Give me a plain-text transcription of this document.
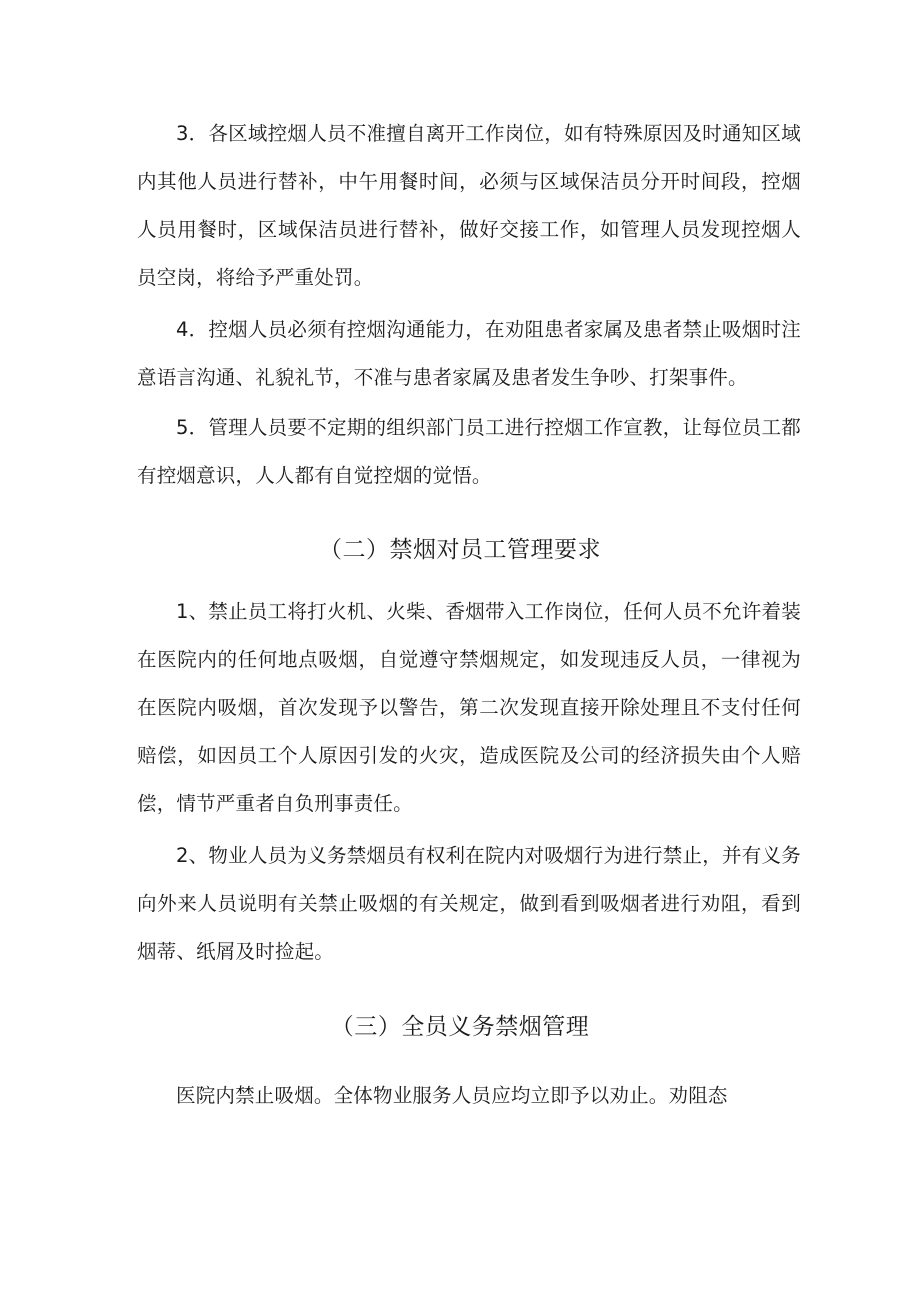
3．各区域控烟人员不准擅自离开工作岗位，如有特殊原因及时通知区域内其他人员进行替补，中午用餐时间，必须与区域保洁员分开时间段，控烟人员用餐时，区域保洁员进行替补，做好交接工作，如管理人员发现控烟人员空岗，将给予严重处罚。

4．控烟人员必须有控烟沟通能力，在劝阻患者家属及患者禁止吸烟时注意语言沟通、礼貌礼节，不准与患者家属及患者发生争吵、打架事件。

5．管理人员要不定期的组织部门员工进行控烟工作宣教，让每位员工都有控烟意识，人人都有自觉控烟的觉悟。

（二）禁烟对员工管理要求

1、禁止员工将打火机、火柴、香烟带入工作岗位，任何人员不允许着装在医院内的任何地点吸烟，自觉遵守禁烟规定，如发现违反人员，一律视为在医院内吸烟，首次发现予以警告，第二次发现直接开除处理且不支付任何赔偿，如因员工个人原因引发的火灾，造成医院及公司的经济损失由个人赔偿，情节严重者自负刑事责任。

2、物业人员为义务禁烟员有权利在院内对吸烟行为进行禁止，并有义务向外来人员说明有关禁止吸烟的有关规定，做到看到吸烟者进行劝阻，看到烟蒂、纸屑及时捡起。

（三）全员义务禁烟管理

医院内禁止吸烟。全体物业服务人员应均立即予以劝止。劝阻态
